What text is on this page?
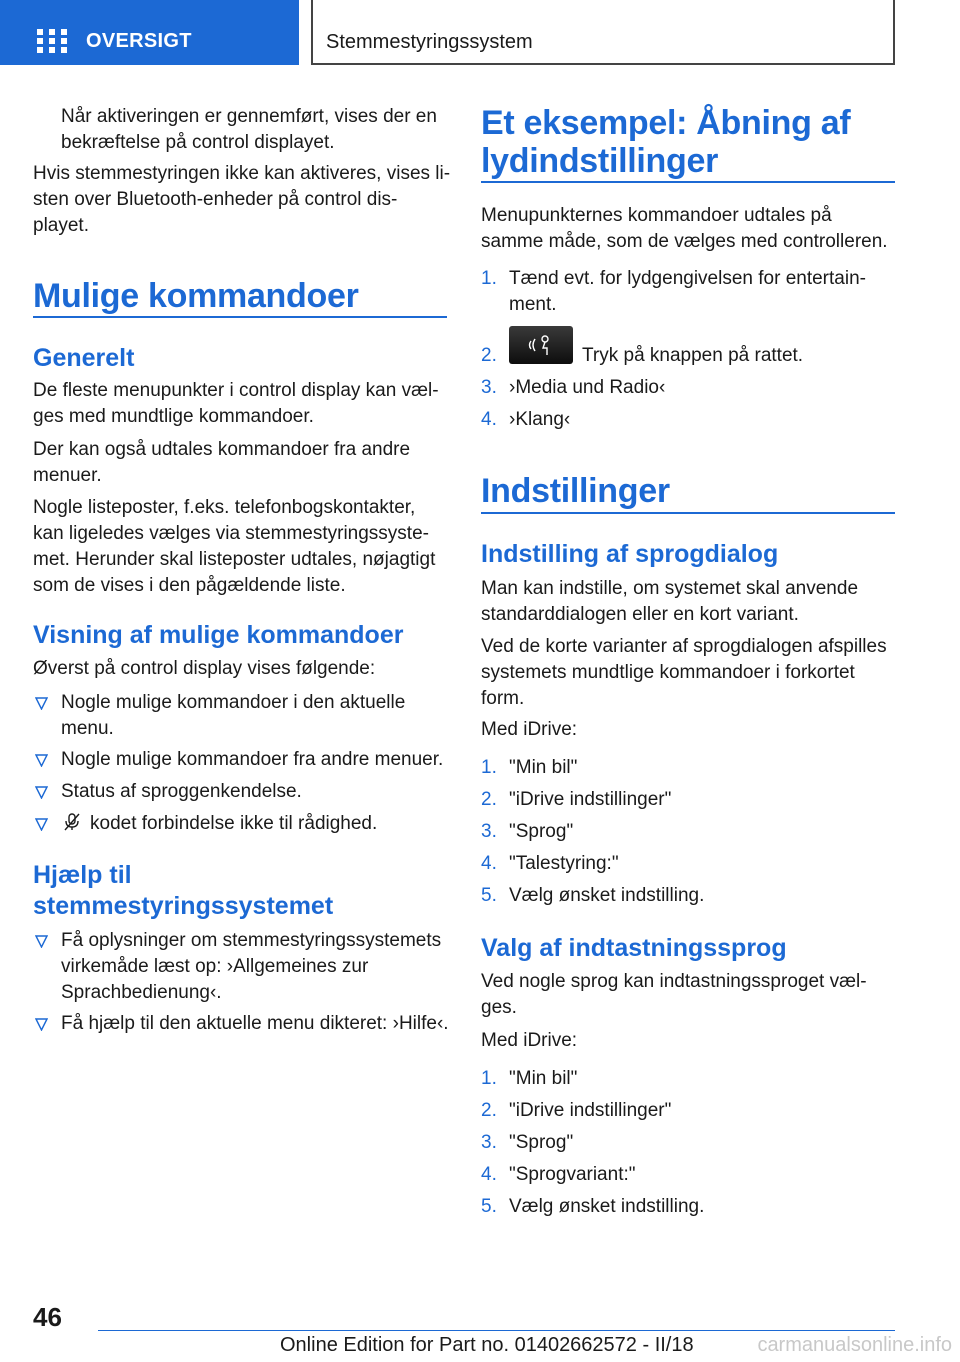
OVERSIGT	Stemmestyringssystem
Når aktiveringen er gennemført, vises der en
bekræftelse på control displayet.
Hvis stemmestyringen ikke kan aktiveres, vises li-
sten over Bluetooth-enheder på control dis-
playet.
Mulige kommandoer
Generelt
De fleste menupunkter i control display kan væl-
ges med mundtlige kommandoer.
Der kan også udtales kommandoer fra andre
menuer.
Nogle listeposter, f.eks. telefonbogskontakter,
kan ligeledes vælges via stemmestyringssyste-
met. Herunder skal listeposter udtales, nøjagtigt
som de vises i den pågældende liste.
Visning af mulige kommandoer
Øverst på control display vises følgende:
Nogle mulige kommandoer i den aktuelle
menu.
Nogle mulige kommandoer fra andre menuer.
Status af sproggenkendelse.
kodet forbindelse ikke til rådighed.
Hjælp til
stemmestyringssystemet
Få oplysninger om stemmestyringssystemets
virkemåde læst op: ›Allgemeines zur
Sprachbedienung‹.
Få hjælp til den aktuelle menu dikteret: ›Hilfe‹.
Et eksempel: Åbning af
lydindstillinger
Menupunkternes kommandoer udtales på
samme måde, som de vælges med controlleren.
1. Tænd evt. for lydgengivelsen for entertain-
ment.
2.	Tryk på knappen på rattet.
3. ›Media und Radio‹
4. ›Klang‹
Indstillinger
Indstilling af sprogdialog
Man kan indstille, om systemet skal anvende
standarddialogen eller en kort variant.
Ved de korte varianter af sprogdialogen afspilles
systemets mundtlige kommandoer i forkortet
form.
Med iDrive:
1. "Min bil"
2. "iDrive indstillinger"
3. "Sprog"
4. "Talestyring:"
5. Vælg ønsket indstilling.
Valg af indtastningssprog
Ved nogle sprog kan indtastningssproget væl-
ges.
Med iDrive:
1. "Min bil"
2. "iDrive indstillinger"
3. "Sprog"
4. "Sprogvariant:"
5. Vælg ønsket indstilling.
46
Online Edition for Part no. 01402662572 - II/18	carmanualsonline.info
